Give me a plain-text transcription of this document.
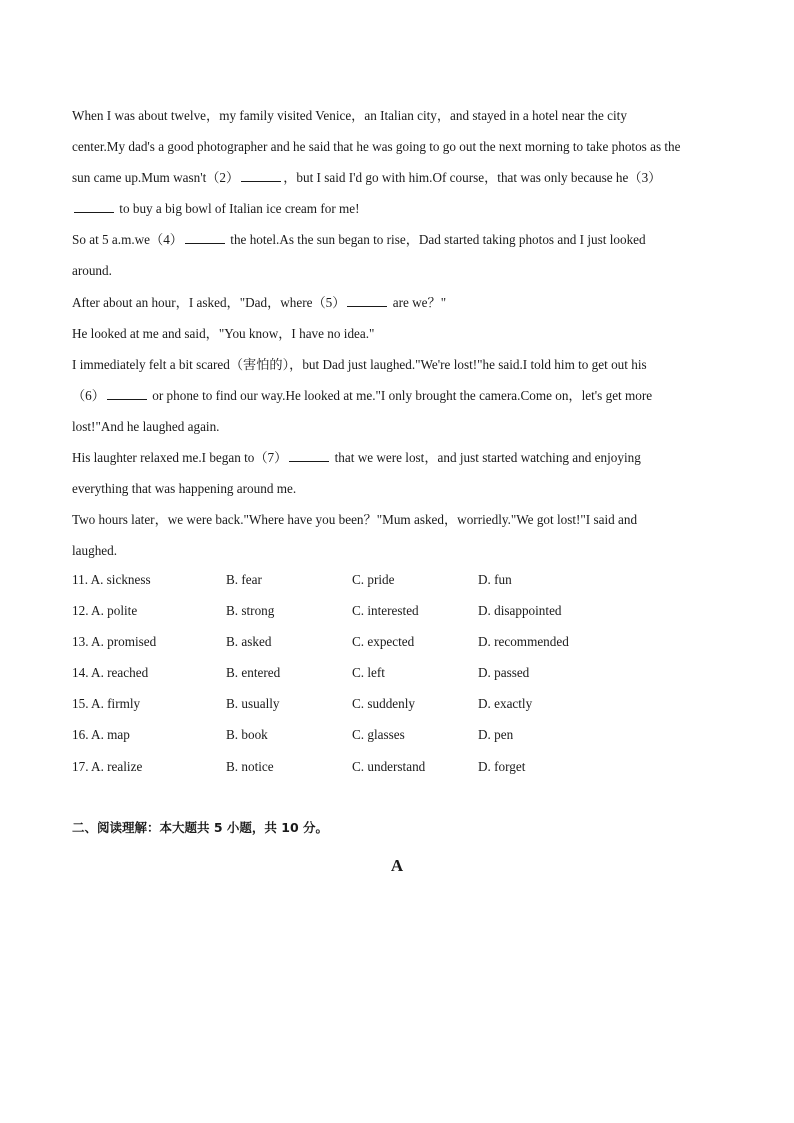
When I was about twelve，my family visited Venice，an Italian city，and stayed in a hotel near the city

center.My dad's a good photographer and he said that he was going to go out the next morning to take photos as the

sun came up.Mum wasn't（2）	，but I said I'd go with him.Of course，that was only because he（3）

to buy a big bowl of Italian ice cream for me!

So at 5 a.m.we（4）	the hotel.As the sun began to rise，Dad started taking photos and I just looked

around.

After about an hour，I asked，"Dad，where（5）	are we？"

He looked at me and said，"You know，I have no idea."

I immediately felt a bit scared（害怕的），but Dad just laughed."We're lost!"he said.I told him to get out his

（6）	or phone to find our way.He looked at me."I only brought the camera.Come on，let's get more

lost!"And he laughed again.

His laughter relaxed me.I began to（7）	that we were lost，and just started watching and enjoying

everything that was happening around me.

Two hours later，we were back."Where have you been？"Mum asked，worriedly."We got lost!"I said and

laughed.

11. A. sickness	B. fear	C. pride	D. fun
12. A. polite	B. strong	C. interested	D. disappointed
13. A. promised	B. asked	C. expected	D. recommended
14. A. reached	B. entered	C. left	D. passed
15. A. firmly	B. usually	C. suddenly	D. exactly
16. A. map	B. book	C. glasses	D. pen
17. A. realize	B. notice	C. understand	D. forget
二、阅读理解：本大题共 5 小题，共 10 分。
A
